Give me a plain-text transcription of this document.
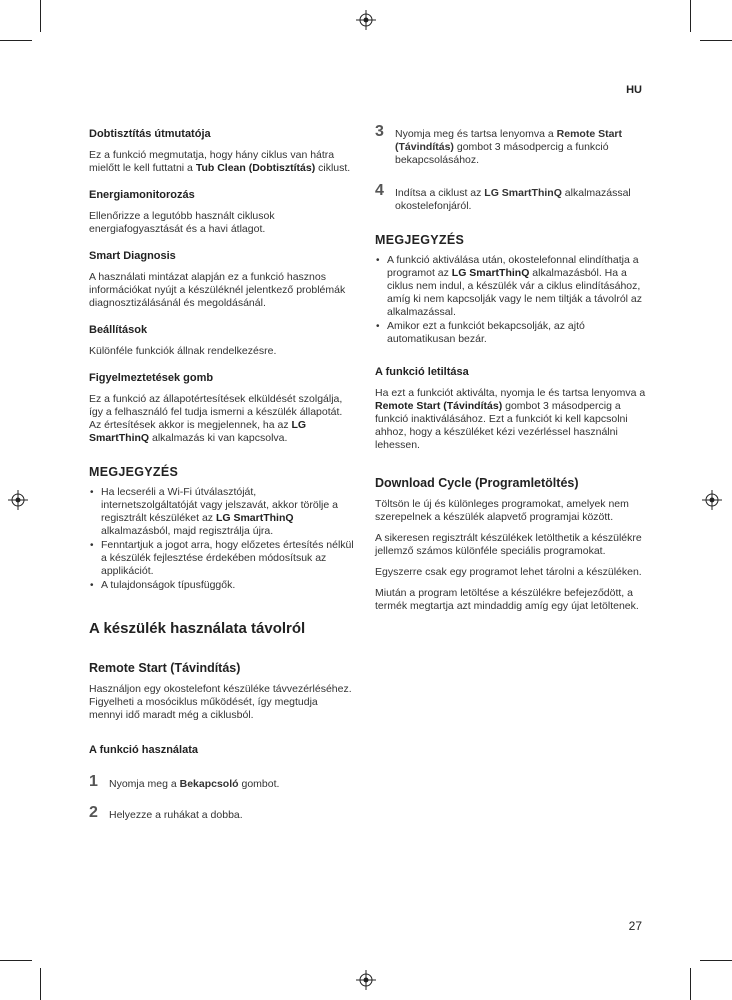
HU
Dobtisztítás útmutatója
Ez a funkció megmutatja, hogy hány ciklus van hátra mielőtt le kell futtatni a Tub Clean (Dobtisztítás) ciklust.
Energiamonitorozás
Ellenőrizze a legutóbb használt ciklusok energiafogyasztását és a havi átlagot.
Smart Diagnosis
A használati mintázat alapján ez a funkció hasznos információkat nyújt a készüléknél jelentkező problémák diagnosztizálásánál és megoldásánál.
Beállítások
Különféle funkciók állnak rendelkezésre.
Figyelmeztetések gomb
Ez a funkció az állapotértesítések elküldését szolgálja, így a felhasználó fel tudja ismerni a készülék állapotát. Az értesítések akkor is megjelennek, ha az LG SmartThinQ alkalmazás ki van kapcsolva.
MEGJEGYZÉS
• Ha lecseréli a Wi-Fi útválasztóját, internetszolgáltatóját vagy jelszavát, akkor törölje a regisztrált készüléket az LG SmartThinQ alkalmazásból, majd regisztrálja újra.
• Fenntartjuk a jogot arra, hogy előzetes értesítés nélkül a készülék fejlesztése érdekében módosítsuk az applikációt.
• A tulajdonságok típusfüggők.
A készülék használata távolról
Remote Start (Távindítás)
Használjon egy okostelefont készüléke távvezérléséhez. Figyelheti a mosóciklus működését, így megtudja mennyi idő maradt még a ciklusból.
A funkció használata
1 Nyomja meg a Bekapcsoló gombot.
2 Helyezze a ruhákat a dobba.
3 Nyomja meg és tartsa lenyomva a Remote Start (Távindítás) gombot 3 másodpercig a funkció bekapcsolásához.
4 Indítsa a ciklust az LG SmartThinQ alkalmazással okostelefonjáról.
MEGJEGYZÉS
• A funkció aktiválása után, okostelefonnal elindíthatja a programot az LG SmartThinQ alkalmazásból. Ha a ciklus nem indul, a készülék vár a ciklus elindításához, amíg ki nem kapcsolják vagy le nem tiltják a távolról az alkalmazással.
• Amikor ezt a funkciót bekapcsolják, az ajtó automatikusan bezár.
A funkció letiltása
Ha ezt a funkciót aktiválta, nyomja le és tartsa lenyomva a Remote Start (Távindítás) gombot 3 másodpercig a funkció inaktiválásához. Ezt a funkciót ki kell kapcsolni ahhoz, hogy a készüléket kézi vezérléssel használni lehessen.
Download Cycle (Programletöltés)
Töltsön le új és különleges programokat, amelyek nem szerepelnek a készülék alapvető programjai között.
A sikeresen regisztrált készülékek letölthetik a készülékre jellemző számos különféle speciális programokat.
Egyszerre csak egy programot lehet tárolni a készüléken.
Miután a program letöltése a készülékre befejeződött, a termék megtartja azt mindaddig amíg egy újat letöltenek.
27
